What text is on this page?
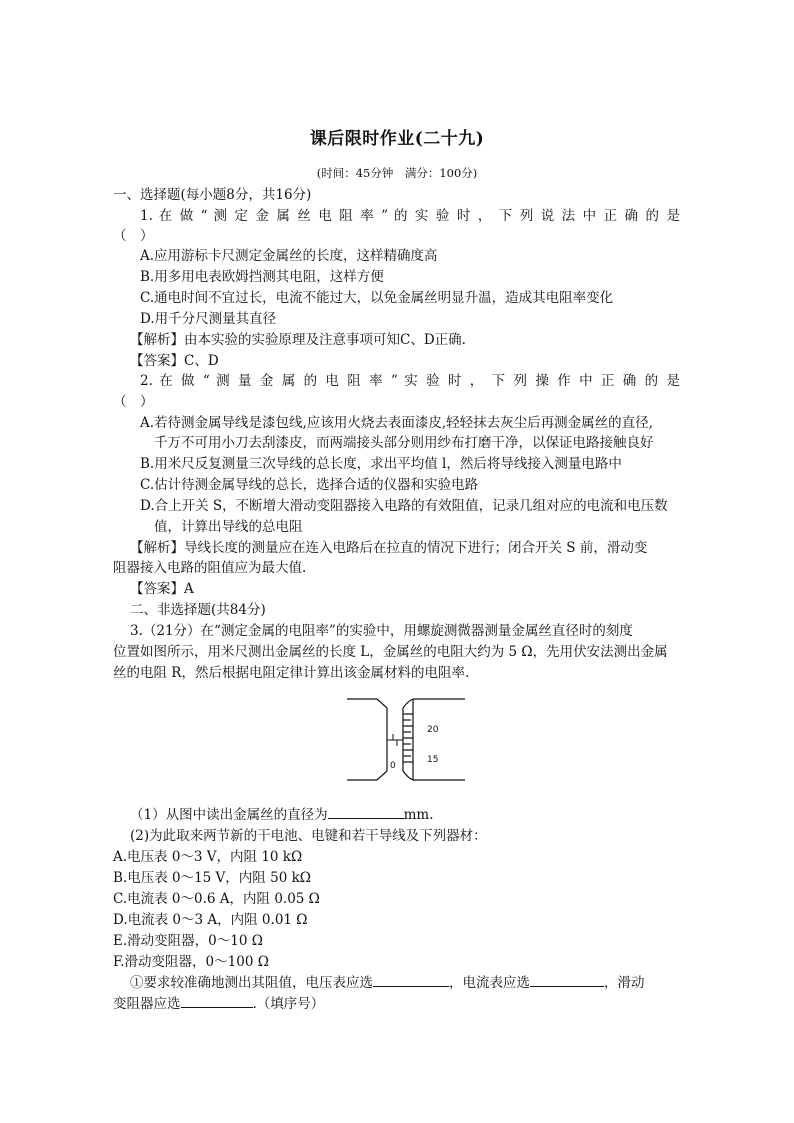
课后限时作业(二十九)
(时间：45分钟　满分：100分)
一、选择题(每小题8分，共16分)
1. 在 做 “ 测 定 金 属 丝 电 阻 率 ” 的 实 验 时 ， 下 列 说 法 中 正 确 的 是
（　）
A.应用游标卡尺测定金属丝的长度，这样精确度高
B.用多用电表欧姆挡测其电阻，这样方便
C.通电时间不宜过长，电流不能过大，以免金属丝明显升温，造成其电阻率变化
D.用千分尺测量其直径
【解析】由本实验的实验原理及注意事项可知C、D正确.
【答案】C、D
2. 在 做 “ 测 量 金 属 的 电 阻 率 ” 实 验 时 ， 下 列 操 作 中 正 确 的 是
（　）
A.若待测金属导线是漆包线,应该用火烧去表面漆皮,轻轻抹去灰尘后再测金属丝的直径,
千万不可用小刀去刮漆皮，而两端接头部分则用纱布打磨干净，以保证电路接触良好
B.用米尺反复测量三次导线的总长度，求出平均值 l，然后将导线接入测量电路中
C.估计待测金属导线的总长，选择合适的仪器和实验电路
D.合上开关 S，不断增大滑动变阻器接入电路的有效阻值，记录几组对应的电流和电压数
值，计算出导线的总电阻
【解析】导线长度的测量应在连入电路后在拉直的情况下进行；闭合开关 S 前，滑动变
阻器接入电路的阻值应为最大值.
【答案】A
二、非选择题(共84分)
3.（21分）在“测定金属的电阻率”的实验中，用螺旋测微器测量金属丝直径时的刻度
位置如图所示，用米尺测出金属丝的长度 L，金属丝的电阻大约为 5 Ω，先用伏安法测出金属
丝的电阻 R，然后根据电阻定律计算出该金属材料的电阻率.
20
15
0
（1）从图中读出金属丝的直径为	mm.
(2)为此取来两节新的干电池、电键和若干导线及下列器材：
A.电压表 0～3 V，内阻 10 kΩ
B.电压表 0～15 V，内阻 50 kΩ
C.电流表 0～0.6 A，内阻 0.05 Ω
D.电流表 0～3 A，内阻 0.01 Ω
E.滑动变阻器，0～10 Ω
F.滑动变阻器，0～100 Ω
①要求较准确地测出其阻值，电压表应选	，电流表应选	，滑动
变阻器应选	.（填序号）
